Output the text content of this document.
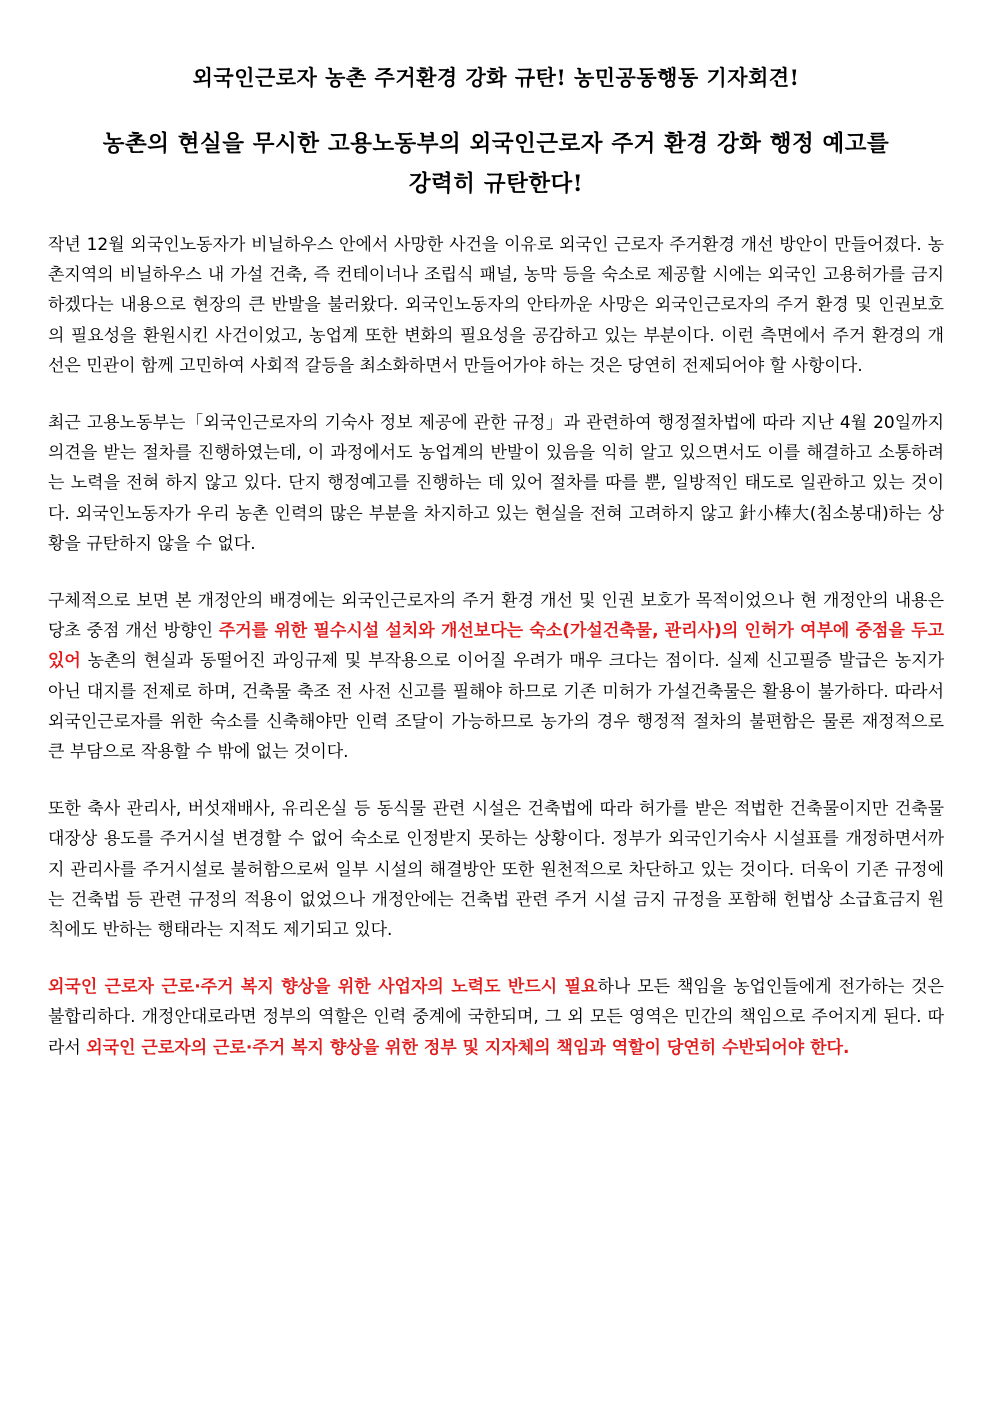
외국인근로자 농촌 주거환경 강화 규탄! 농민공동행동 기자회견!
농촌의 현실을 무시한 고용노동부의 외국인근로자 주거 환경 강화 행정 예고를
강력히 규탄한다!

작년 12월 외국인노동자가 비닐하우스 안에서 사망한 사건을 이유로 외국인 근로자 주거환경 개선 방안이 만들어졌다. 농촌지역의 비닐하우스 내 가설 건축, 즉 컨테이너나 조립식 패널, 농막 등을 숙소로 제공할 시에는 외국인 고용허가를 금지하겠다는 내용으로 현장의 큰 반발을 불러왔다. 외국인노동자의 안타까운 사망은 외국인근로자의 주거 환경 및 인권보호의 필요성을 환원시킨 사건이었고, 농업계 또한 변화의 필요성을 공감하고 있는 부분이다. 이런 측면에서 주거 환경의 개선은 민관이 함께 고민하여 사회적 갈등을 최소화하면서 만들어가야 하는 것은 당연히 전제되어야 할 사항이다.

최근 고용노동부는「외국인근로자의 기숙사 정보 제공에 관한 규정」과 관련하여 행정절차법에 따라 지난 4월 20일까지 의견을 받는 절차를 진행하였는데, 이 과정에서도 농업계의 반발이 있음을 익히 알고 있으면서도 이를 해결하고 소통하려는 노력을 전혀 하지 않고 있다. 단지 행정예고를 진행하는 데 있어 절차를 따를 뿐, 일방적인 태도로 일관하고 있는 것이다. 외국인노동자가 우리 농촌 인력의 많은 부분을 차지하고 있는 현실을 전혀 고려하지 않고 針小棒大(침소봉대)하는 상황을 규탄하지 않을 수 없다.

구체적으로 보면 본 개정안의 배경에는 외국인근로자의 주거 환경 개선 및 인권 보호가 목적이었으나 현 개정안의 내용은 당초 중점 개선 방향인 주거를 위한 필수시설 설치와 개선보다는 숙소(가설건축물, 관리사)의 인허가 여부에 중점을 두고 있어 농촌의 현실과 동떨어진 과잉규제 및 부작용으로 이어질 우려가 매우 크다는 점이다. 실제 신고필증 발급은 농지가 아닌 대지를 전제로 하며, 건축물 축조 전 사전 신고를 필해야 하므로 기존 미허가 가설건축물은 활용이 불가하다. 따라서 외국인근로자를 위한 숙소를 신축해야만 인력 조달이 가능하므로 농가의 경우 행정적 절차의 불편함은 물론 재정적으로 큰 부담으로 작용할 수 밖에 없는 것이다.

또한 축사 관리사, 버섯재배사, 유리온실 등 동식물 관련 시설은 건축법에 따라 허가를 받은 적법한 건축물이지만 건축물대장상 용도를 주거시설 변경할 수 없어 숙소로 인정받지 못하는 상황이다. 정부가 외국인기숙사 시설표를 개정하면서까지 관리사를 주거시설로 불허함으로써 일부 시설의 해결방안 또한 원천적으로 차단하고 있는 것이다. 더욱이 기존 규정에는 건축법 등 관련 규정의 적용이 없었으나 개정안에는 건축법 관련 주거 시설 금지 규정을 포함해 헌법상 소급효금지 원칙에도 반하는 행태라는 지적도 제기되고 있다.

외국인 근로자 근로·주거 복지 향상을 위한 사업자의 노력도 반드시 필요하나 모든 책임을 농업인들에게 전가하는 것은 불합리하다. 개정안대로라면 정부의 역할은 인력 중계에 국한되며, 그 외 모든 영역은 민간의 책임으로 주어지게 된다. 따라서 외국인 근로자의 근로·주거 복지 향상을 위한 정부 및 지자체의 책임과 역할이 당연히 수반되어야 한다.
